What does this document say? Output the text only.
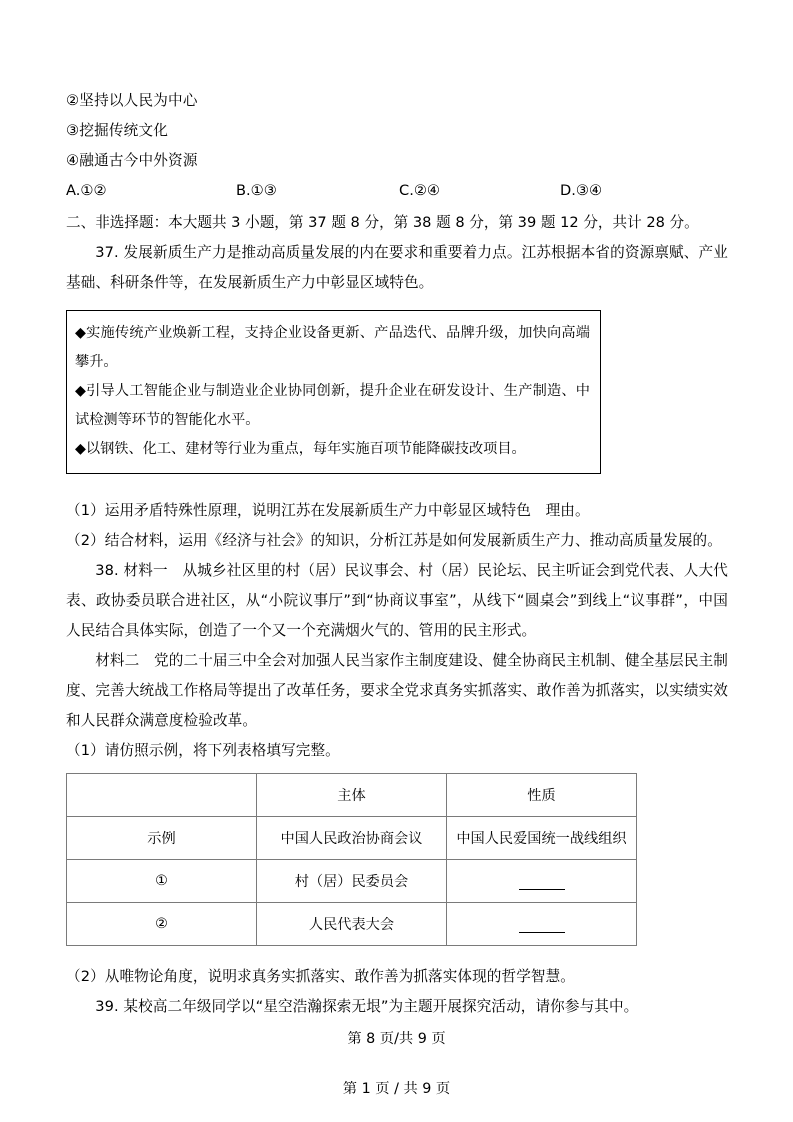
②坚持以人民为中心
③挖掘传统文化
④融通古今中外资源
A.①②	B.①③	C.②④	D.③④
二、非选择题：本大题共 3 小题，第 37 题 8 分，第 38 题 8 分，第 39 题 12 分，共计 28 分。
37. 发展新质生产力是推动高质量发展的内在要求和重要着力点。江苏根据本省的资源禀赋、产业基础、科研条件等，在发展新质生产力中彰显区域特色。
◆实施传统产业焕新工程，支持企业设备更新、产品迭代、品牌升级，加快向高端攀升。
◆引导人工智能企业与制造业企业协同创新，提升企业在研发设计、生产制造、中试检测等环节的智能化水平。
◆以钢铁、化工、建材等行业为重点，每年实施百项节能降碳技改项目。
（1）运用矛盾特殊性原理，说明江苏在发展新质生产力中彰显区域特色　理由。
（2）结合材料，运用《经济与社会》的知识，分析江苏是如何发展新质生产力、推动高质量发展的。
38. 材料一　从城乡社区里的村（居）民议事会、村（居）民论坛、民主听证会到党代表、人大代表、政协委员联合进社区，从“小院议事厅”到“协商议事室”，从线下“圆桌会”到线上“议事群”，中国人民结合具体实际，创造了一个又一个充满烟火气的、管用的民主形式。
材料二　党的二十届三中全会对加强人民当家作主制度建设、健全协商民主机制、健全基层民主制度、完善大统战工作格局等提出了改革任务，要求全党求真务实抓落实、敢作善为抓落实，以实绩实效和人民群众满意度检验改革。
（1）请仿照示例，将下列表格填写完整。
	主体	性质
示例	中国人民政治协商会议	中国人民爱国统一战线组织
①	村（居）民委员会	
②	人民代表大会	
（2）从唯物论角度，说明求真务实抓落实、敢作善为抓落实体现的哲学智慧。
39. 某校高二年级同学以“星空浩瀚探索无垠”为主题开展探究活动，请你参与其中。
第 8 页/共 9 页
第 1 页 / 共 9 页
